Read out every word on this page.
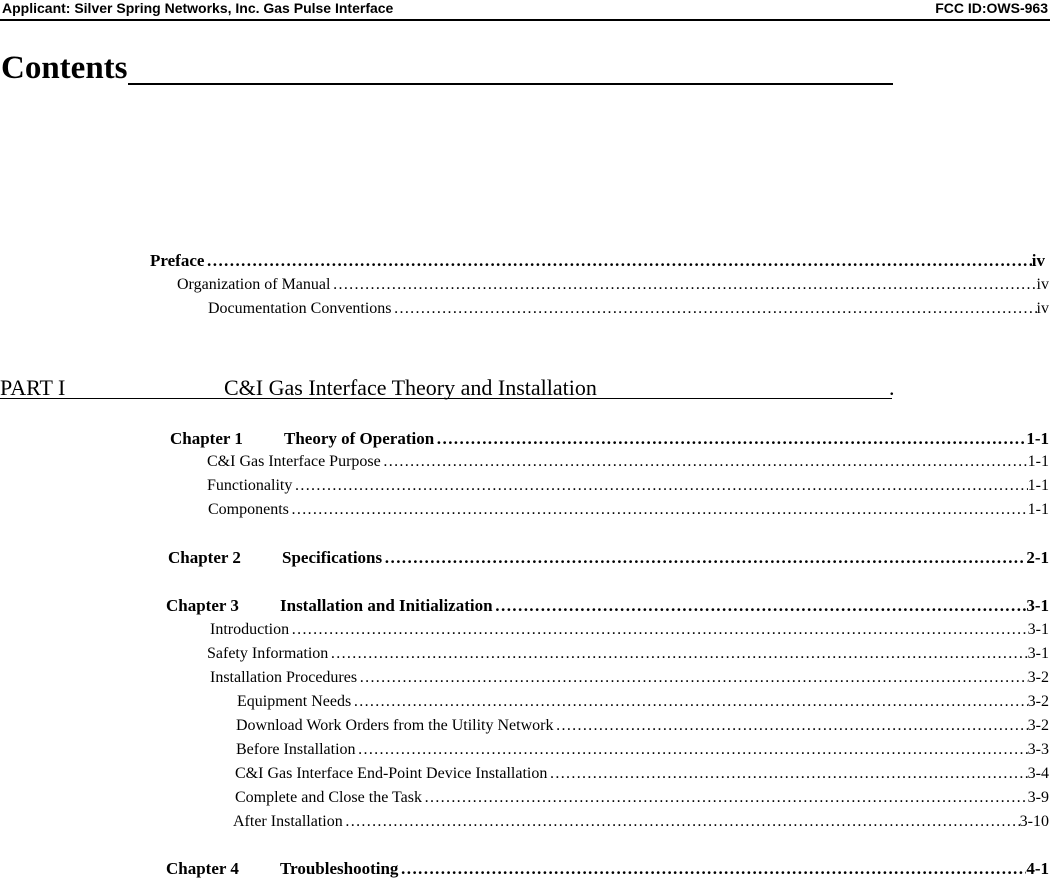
Applicant: Silver Spring Networks, Inc. Gas Pulse Interface	FCC ID:OWS-963
Contents
Preface …………………………………………………………………………………………………………………………………………………………………………………………………………………………………	iv
Organization of Manual …………………………………………………………………………………………………………………………………………………………………………………………………………………………………	iv
Documentation Conventions …………………………………………………………………………………………………………………………………………………………………………………………………………………………………	iv
PART I	C&I Gas Interface Theory and Installation	.
Chapter 1 Theory of Operation …………………………………………………………………………………………………………………………………………………………………………………………………………………………………	1-1
C&I Gas Interface Purpose …………………………………………………………………………………………………………………………………………………………………………………………………………………………………	1-1
Functionality …………………………………………………………………………………………………………………………………………………………………………………………………………………………………	1-1
Components …………………………………………………………………………………………………………………………………………………………………………………………………………………………………	1-1
Chapter 2 Specifications …………………………………………………………………………………………………………………………………………………………………………………………………………………………………	2-1
Chapter 3 Installation and Initialization …………………………………………………………………………………………………………………………………………………………………………………………………………………………………	3-1
Introduction …………………………………………………………………………………………………………………………………………………………………………………………………………………………………	3-1
Safety Information …………………………………………………………………………………………………………………………………………………………………………………………………………………………………	3-1
Installation Procedures …………………………………………………………………………………………………………………………………………………………………………………………………………………………………	3-2
Equipment Needs …………………………………………………………………………………………………………………………………………………………………………………………………………………………………	3-2
Download Work Orders from the Utility Network …………………………………………………………………………………………………………………………………………………………………………………………………………………………………	3-2
Before Installation …………………………………………………………………………………………………………………………………………………………………………………………………………………………………	3-3
C&I Gas Interface End-Point Device Installation …………………………………………………………………………………………………………………………………………………………………………………………………………………………………	3-4
Complete and Close the Task …………………………………………………………………………………………………………………………………………………………………………………………………………………………………	3-9
After Installation …………………………………………………………………………………………………………………………………………………………………………………………………………………………………	3-10
Chapter 4 Troubleshooting …………………………………………………………………………………………………………………………………………………………………………………………………………………………………	4-1
